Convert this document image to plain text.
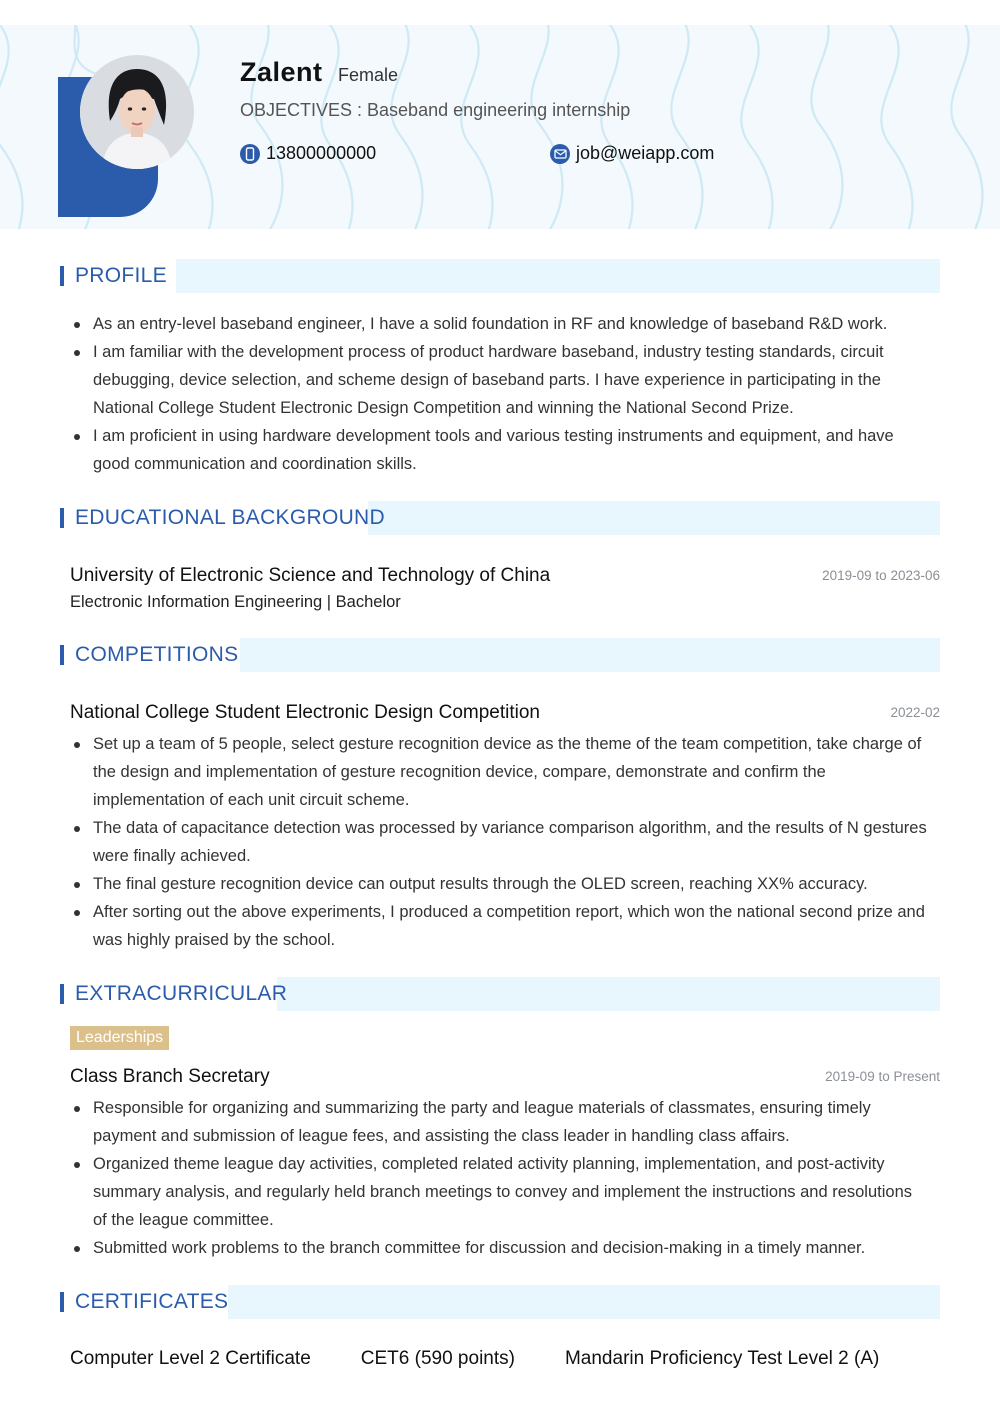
Zalent Female
OBJECTIVES : Baseband engineering internship
13800000000	job@weiapp.com
PROFILE
As an entry-level baseband engineer, I have a solid foundation in RF and knowledge of baseband R&D work.
I am familiar with the development process of product hardware baseband, industry testing standards, circuit debugging, device selection, and scheme design of baseband parts. I have experience in participating in the National College Student Electronic Design Competition and winning the National Second Prize.
I am proficient in using hardware development tools and various testing instruments and equipment, and have good communication and coordination skills.
EDUCATIONAL BACKGROUND
University of Electronic Science and Technology of China	2019-09 to 2023-06
Electronic Information Engineering | Bachelor
COMPETITIONS
National College Student Electronic Design Competition	2022-02
Set up a team of 5 people, select gesture recognition device as the theme of the team competition, take charge of the design and implementation of gesture recognition device, compare, demonstrate and confirm the implementation of each unit circuit scheme.
The data of capacitance detection was processed by variance comparison algorithm, and the results of N gestures were finally achieved.
The final gesture recognition device can output results through the OLED screen, reaching XX% accuracy.
After sorting out the above experiments, I produced a competition report, which won the national second prize and was highly praised by the school.
EXTRACURRICULAR
Leaderships
Class Branch Secretary	2019-09 to Present
Responsible for organizing and summarizing the party and league materials of classmates, ensuring timely payment and submission of league fees, and assisting the class leader in handling class affairs.
Organized theme league day activities, completed related activity planning, implementation, and post-activity summary analysis, and regularly held branch meetings to convey and implement the instructions and resolutions of the league committee.
Submitted work problems to the branch committee for discussion and decision-making in a timely manner.
CERTIFICATES
Computer Level 2 Certificate	CET6 (590 points)	Mandarin Proficiency Test Level 2 (A)
